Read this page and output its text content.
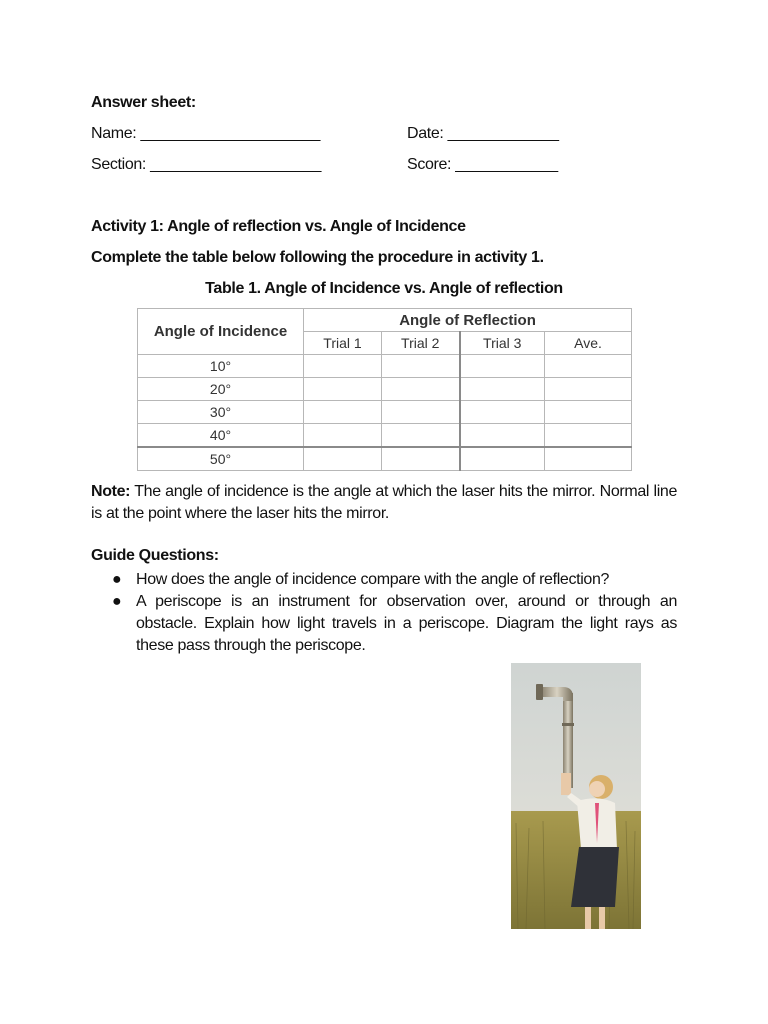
Answer sheet:
Name: _____________________	Date: _____________
Section: ____________________	Score: ____________
Activity 1: Angle of reflection vs. Angle of Incidence
Complete the table below following the procedure in activity 1.
Table 1. Angle of Incidence vs. Angle of reflection
Angle of Incidence	Angle of Reflection			
	Trial 1	Trial 2	Trial 3	Ave.
10°				
20°				
30°				
40°				
50°				
Note: The angle of incidence is the angle at which the laser hits the mirror. Normal line is at the point where the laser hits the mirror.
Guide Questions:
● How does the angle of incidence compare with the angle of reflection?
● A periscope is an instrument for observation over, around or through an obstacle. Explain how light travels in a periscope. Diagram the light rays as these pass through the periscope.
